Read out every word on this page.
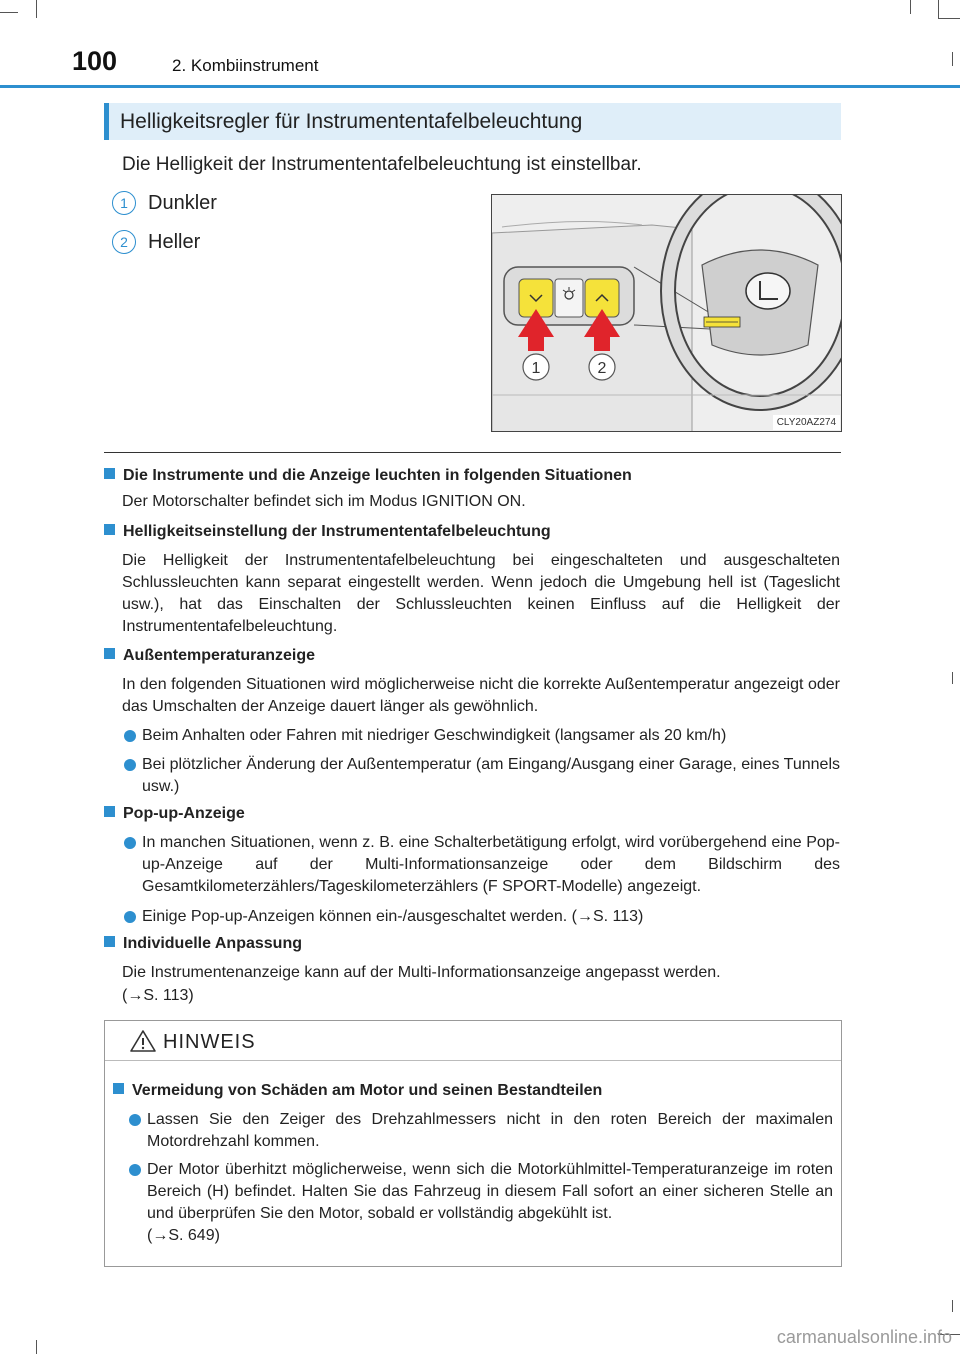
100	2. Kombiinstrument
Helligkeitsregler für Instrumententafelbeleuchtung
Die Helligkeit der Instrumententafelbeleuchtung ist einstellbar.
1	Dunkler
2	Heller
1	2
CLY20AZ274
Die Instrumente und die Anzeige leuchten in folgenden Situationen
Der Motorschalter befindet sich im Modus IGNITION ON.
Helligkeitseinstellung der Instrumententafelbeleuchtung
Die Helligkeit der Instrumententafelbeleuchtung bei eingeschalteten und ausgeschalteten Schlussleuchten kann separat eingestellt werden. Wenn jedoch die Umgebung hell ist (Tageslicht usw.), hat das Einschalten der Schlussleuchten keinen Einfluss auf die Helligkeit der Instrumententafelbeleuchtung.
Außentemperaturanzeige
In den folgenden Situationen wird möglicherweise nicht die korrekte Außentemperatur angezeigt oder das Umschalten der Anzeige dauert länger als gewöhnlich.
Beim Anhalten oder Fahren mit niedriger Geschwindigkeit (langsamer als 20 km/h)
Bei plötzlicher Änderung der Außentemperatur (am Eingang/Ausgang einer Garage, eines Tunnels usw.)
Pop-up-Anzeige
In manchen Situationen, wenn z. B. eine Schalterbetätigung erfolgt, wird vorübergehend eine Pop-up-Anzeige auf der Multi-Informationsanzeige oder dem Bildschirm des Gesamtkilometerzählers/Tageskilometerzählers (F SPORT-Modelle) angezeigt.
Einige Pop-up-Anzeigen können ein-/ausgeschaltet werden. (→S. 113)
Individuelle Anpassung
Die Instrumentenanzeige kann auf der Multi-Informationsanzeige angepasst werden.
(→S. 113)
HINWEIS
Vermeidung von Schäden am Motor und seinen Bestandteilen
Lassen Sie den Zeiger des Drehzahlmessers nicht in den roten Bereich der maximalen Motordrehzahl kommen.
Der Motor überhitzt möglicherweise, wenn sich die Motorkühlmittel-Temperaturanzeige im roten Bereich (H) befindet. Halten Sie das Fahrzeug in diesem Fall sofort an einer sicheren Stelle an und überprüfen Sie den Motor, sobald er vollständig abgekühlt ist.
(→S. 649)
carmanualsonline.info
